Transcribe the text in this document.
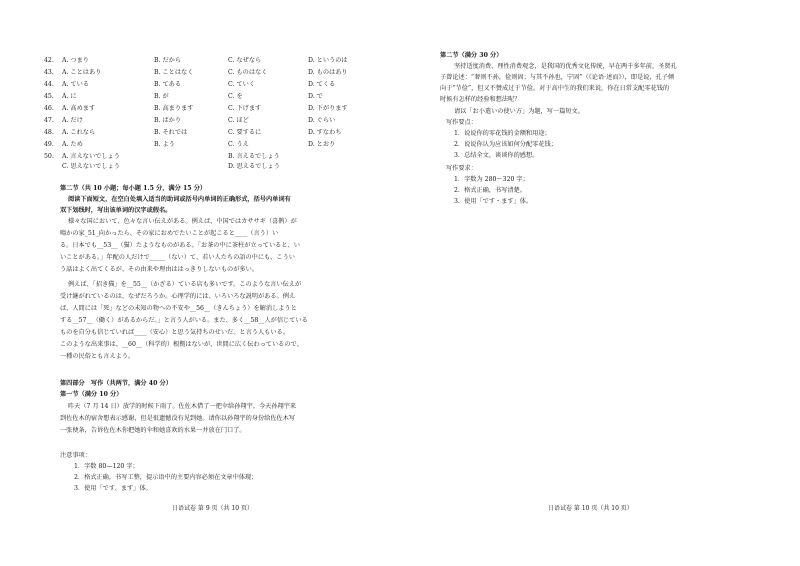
42. A. つまり	B. だから	C. なぜなら	D. というのは
43. A. ことはあり	B. ことはなく	C. ものはなく	D. ものはあり
44. A. ている	B. てある	C. ていく	D. てくる
45. A. に	B. が	C. を	D. で
46. A. 高めます	B. 高まります	C. 下げます	D. 下がります
47. A. だけ	B. ばかり	C. ほど	D. ぐらい
48. A. これなら	B. それでは	C. 要するに	D. すなわち
49. A. ため	B. よう	C. うえ	D. とおり
50. A. 言えないでしょう	B. 言えるでしょう
C. 思えないでしょう	D. 思えるでしょう
第二节（共 10 小题；每小题 1.5 分，满分 15 分）
阅读下面短文，在空白处填入适当的助词或括号内单词的正确形式，括号内单词有
双下划线时，写出该单词的汉字或假名。
様々な国において、色々な言い伝えがある。例えば、中国ではカササギ（喜鹊）が
鳴かの家_51_向かったら、その家におめでたいことが起こると____（言う）い
る。日本でも__53__（猫）たようなものがある。「お茶の中に茶柱が立っていると、い
いことがある。」年配の人だけで_____（ない）て、若い人たちの語の中にも、こうい
う話はよく出てくるが、その由来や理由ははっきりしないものが多い。
例えば、「招き猫」を__55__（かざる）ている店も多いです。このような言い伝えが
受け継がれているのは、なぜだろうか。心理学的には、いろいろな説明がある。例え
ば、人間には「死」などの未知の物への不安や__56__（きんちょう）を解消しようと
する__57__（働く）があるからだ。」と言う人がいる。また、多く__58__人が信じている
ものを自分も信じていれば____（安心）と思う気持ちのせいだ。と言う人もいる。
このような出来事は、__60__（科学的）根拠はないが、世間に広く伝わっているので、
一種の民俗とも言えよう。
第四部分　写作（共两节，满分 40 分）
第一节（满分 10 分）
昨天（7 月 14 日）放学的时候下雨了。佐佐木借了一把伞给孙翔宇。今天孙翔宇来
到佐佐木的宿舍想表示感谢，但是很遗憾没有见到她。请你以孙翔宇的身份给佐佐木写
一张便条，告诉佐佐木你把她的伞和她喜欢的水果一并放在门口了。
注意事项：
1．字数 80—120 字；
2．格式正确，书写工整，提示语中的主要内容必须在文章中体现；
3．使用「です、ます」体。
日语试卷 第 9 页（共 10 页）
第二节（满分 30 分）
坚持适度消费、理性消费观念，是我国的优秀文化传统，早在两千多年前，圣贤孔
子曾论述：“奢则不孙，俭则固；与其不孙也，宁固”（《论语·述而》），即是说，孔子倾
向于“节俭”，但又不赞成过于节俭。对于高中生的我们来说，你在日常支配零花钱的
时候有怎样的经验和想法呢？
请以「お小遣いの使い方」为题，写一篇短文。
写作要点：
1．说说你的零花钱的金额和用途；
2．说说你认为应该如何分配零花钱；
3．总结全文，谈谈你的感想。
写作要求：
1．字数为 280～320 字；
2．格式正确，书写清楚。
3．使用「です・ます」体。
日语试卷 第 10 页（共 10 页）
